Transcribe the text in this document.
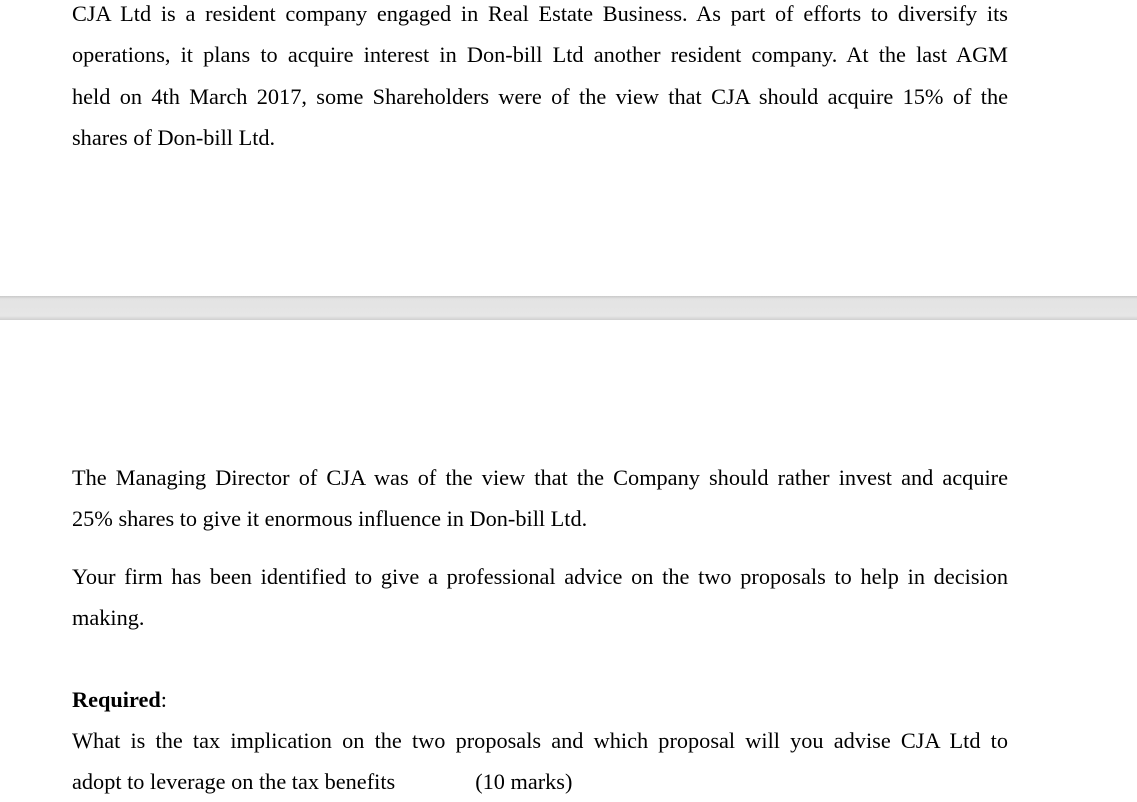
CJA Ltd is a resident company engaged in Real Estate Business. As part of efforts to diversify its
operations, it plans to acquire interest in Don-bill Ltd another resident company. At the last AGM
held on 4th March 2017, some Shareholders were of the view that CJA should acquire 15% of the
shares of Don-bill Ltd.

The Managing Director of CJA was of the view that the Company should rather invest and acquire
25% shares to give it enormous influence in Don-bill Ltd.

Your firm has been identified to give a professional advice on the two proposals to help in decision
making.

Required:

What is the tax implication on the two proposals and which proposal will you advise CJA Ltd to
adopt to leverage on the tax benefits	(10 marks)
